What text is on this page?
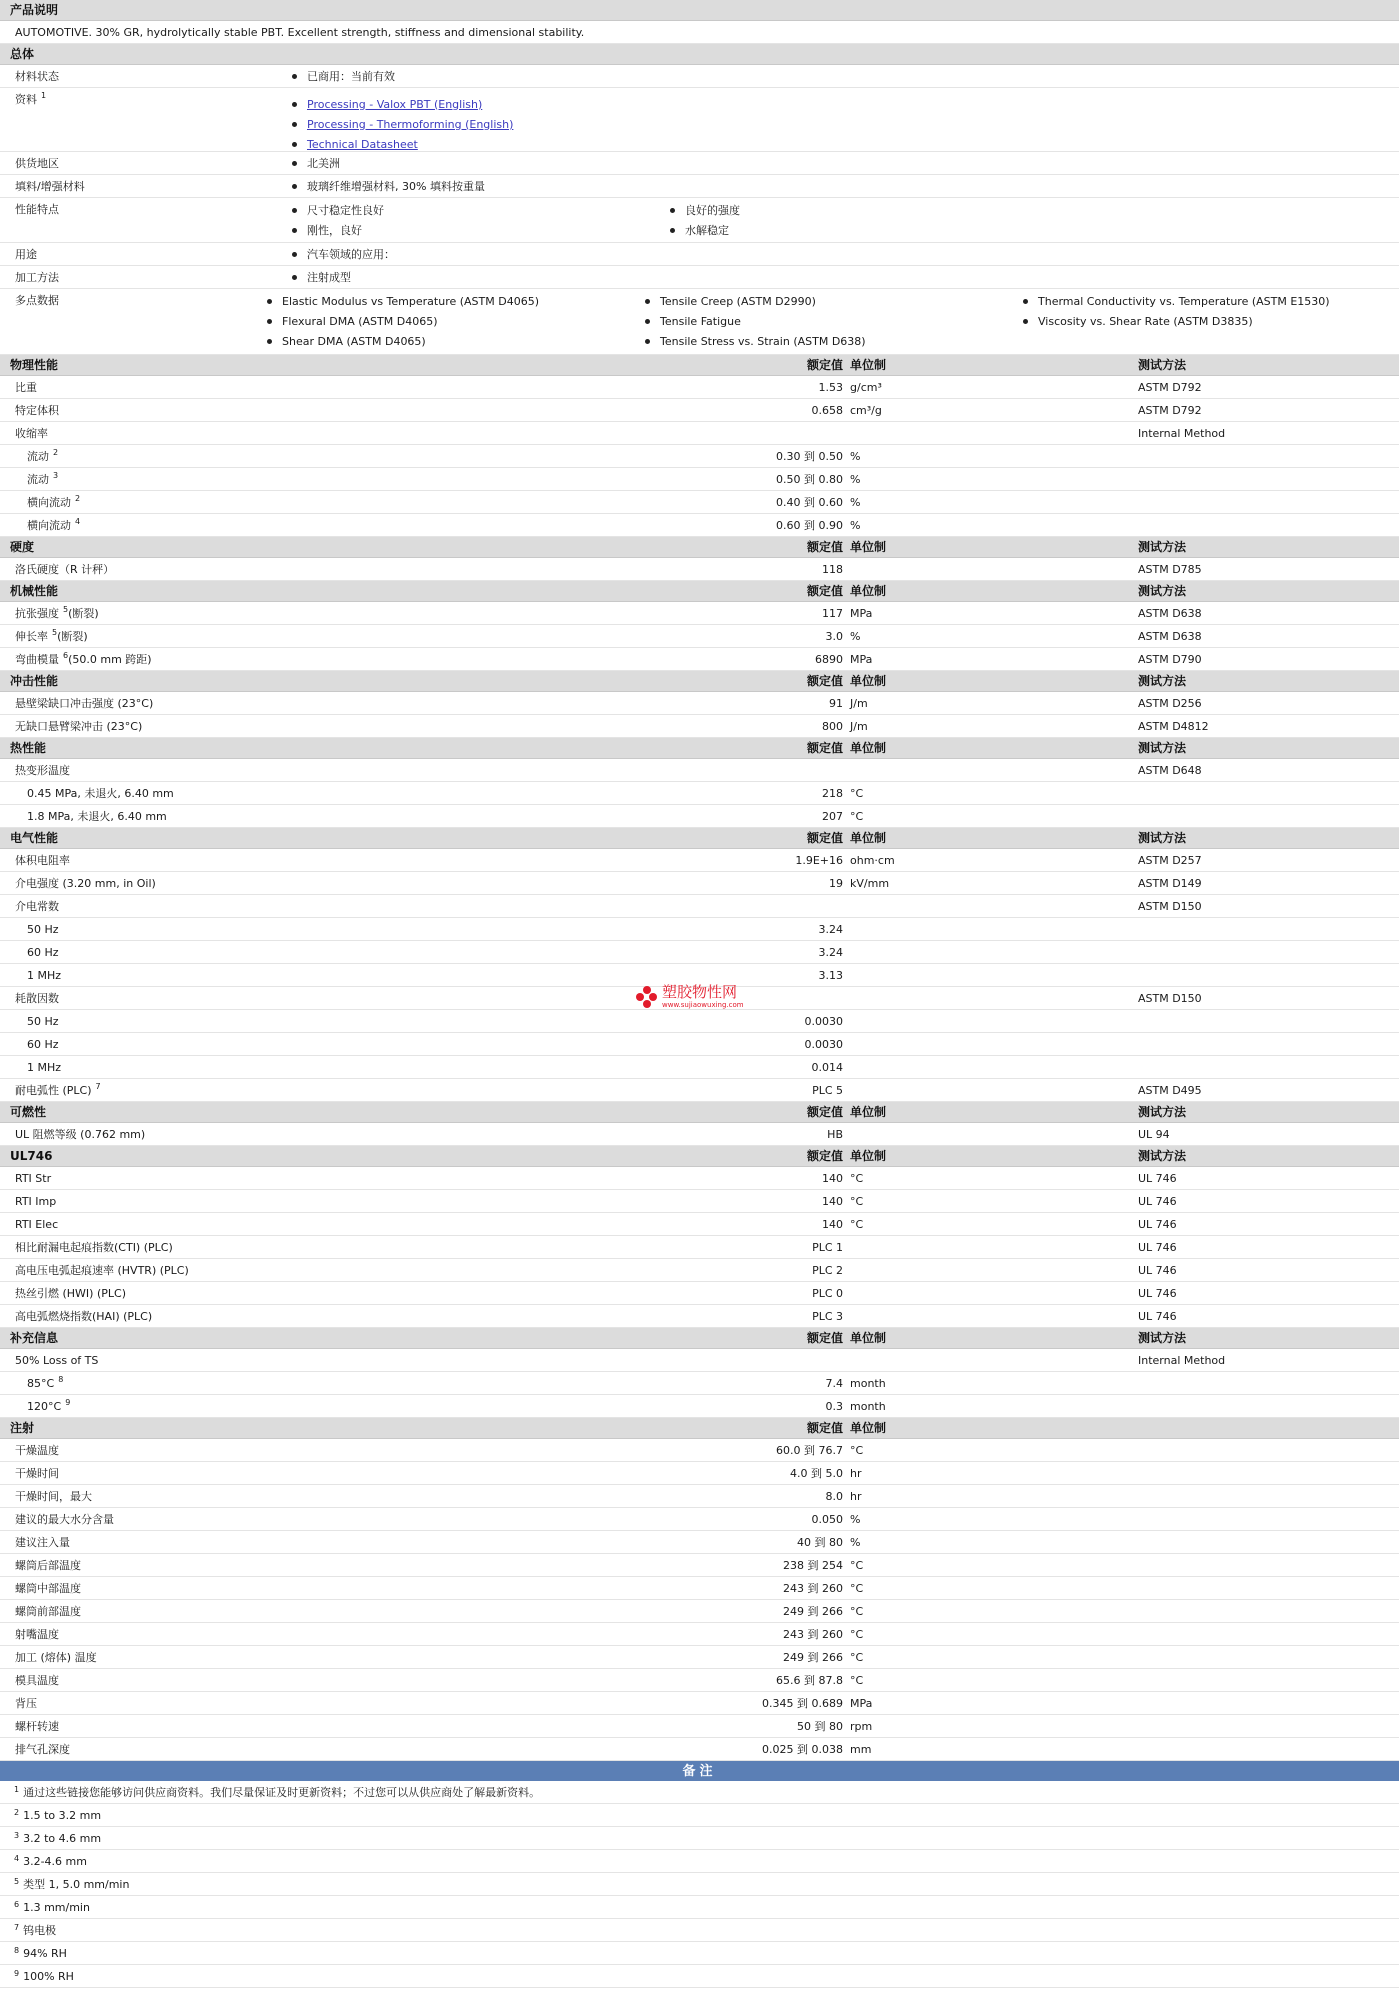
产品说明
AUTOMOTIVE. 30% GR, hydrolytically stable PBT. Excellent strength, stiffness and dimensional stability.
总体
材料状态	已商用：当前有效
资料 $^1$
Processing - Valox PBT (English)
Processing - Thermoforming (English)
Technical Datasheet
供货地区	北美洲
填料/增强材料	玻璃纤维增强材料, 30% 填料按重量
性能特点	尺寸稳定性良好
刚性，良好
良好的强度
水解稳定
用途	汽车领域的应用：
加工方法	注射成型
多点数据	Elastic Modulus vs Temperature (ASTM D4065)
Flexural DMA (ASTM D4065)
Shear DMA (ASTM D4065)
Tensile Creep (ASTM D2990)
Tensile Fatigue
Tensile Stress vs. Strain (ASTM D638)
Thermal Conductivity vs. Temperature (ASTM E1530)
Viscosity vs. Shear Rate (ASTM D3835)
物理性能	额定值 单位制	测试方法
比重	1.53 g/cm³	ASTM D792
特定体积	0.658 cm³/g	ASTM D792
收缩率	Internal Method
流动 $^2$	0.30 到 0.50 %
流动 $^3$	0.50 到 0.80 %
横向流动 $^2$	0.40 到 0.60 %
横向流动 $^4$	0.60 到 0.90 %
硬度	额定值 单位制	测试方法
洛氏硬度（R 计秤）	118	ASTM D785
机械性能	额定值 单位制	测试方法
抗张强度 $^5$(断裂)	117 MPa	ASTM D638
伸长率 $^5$(断裂)	3.0 %	ASTM D638
弯曲模量 $^6$(50.0 mm 跨距)	6890 MPa	ASTM D790
冲击性能	额定值 单位制	测试方法
悬壁梁缺口冲击强度 (23°C)	91 J/m	ASTM D256
无缺口悬臂梁冲击 (23°C)	800 J/m	ASTM D4812
热性能	额定值 单位制	测试方法
热变形温度	ASTM D648
0.45 MPa, 未退火, 6.40 mm	218 °C
1.8 MPa, 未退火, 6.40 mm	207 °C
电气性能	额定值 单位制	测试方法
体积电阻率	1.9E+16 ohm·cm	ASTM D257
介电强度 (3.20 mm, in Oil)	19 kV/mm	ASTM D149
介电常数	ASTM D150
50 Hz	3.24
60 Hz	3.24
1 MHz	3.13
耗散因数	ASTM D150
50 Hz	0.0030
60 Hz	0.0030
1 MHz	0.014
耐电弧性 (PLC) $^7$	PLC 5	ASTM D495
可燃性	额定值 单位制	测试方法
UL 阻燃等级 (0.762 mm)	HB	UL 94
UL746	额定值 单位制	测试方法
RTI Str	140 °C	UL 746
RTI Imp	140 °C	UL 746
RTI Elec	140 °C	UL 746
相比耐漏电起痕指数(CTI) (PLC)	PLC 1	UL 746
高电压电弧起痕速率 (HVTR) (PLC)	PLC 2	UL 746
热丝引燃 (HWI) (PLC)	PLC 0	UL 746
高电弧燃烧指数(HAI) (PLC)	PLC 3	UL 746
补充信息	额定值 单位制	测试方法
50% Loss of TS	Internal Method
85°C $^8$	7.4 month
120°C $^9$	0.3 month
注射	额定值 单位制
干燥温度	60.0 到 76.7 °C
干燥时间	4.0 到 5.0 hr
干燥时间，最大	8.0 hr
建议的最大水分含量	0.050 %
建议注入量	40 到 80 %
螺筒后部温度	238 到 254 °C
螺筒中部温度	243 到 260 °C
螺筒前部温度	249 到 266 °C
射嘴温度	243 到 260 °C
加工 (熔体) 温度	249 到 266 °C
模具温度	65.6 到 87.8 °C
背压	0.345 到 0.689 MPa
螺杆转速	50 到 80 rpm
排气孔深度	0.025 到 0.038 mm
备注
$^1$ 通过这些链接您能够访问供应商资料。我们尽量保证及时更新资料；不过您可以从供应商处了解最新资料。
$^2$ 1.5 to 3.2 mm
$^3$ 3.2 to 4.6 mm
$^4$ 3.2-4.6 mm
$^5$ 类型 1, 5.0 mm/min
$^6$ 1.3 mm/min
$^7$ 钨电极
$^8$ 94% RH
$^9$ 100% RH
塑胶物性网
www.sujiaowuxing.com
